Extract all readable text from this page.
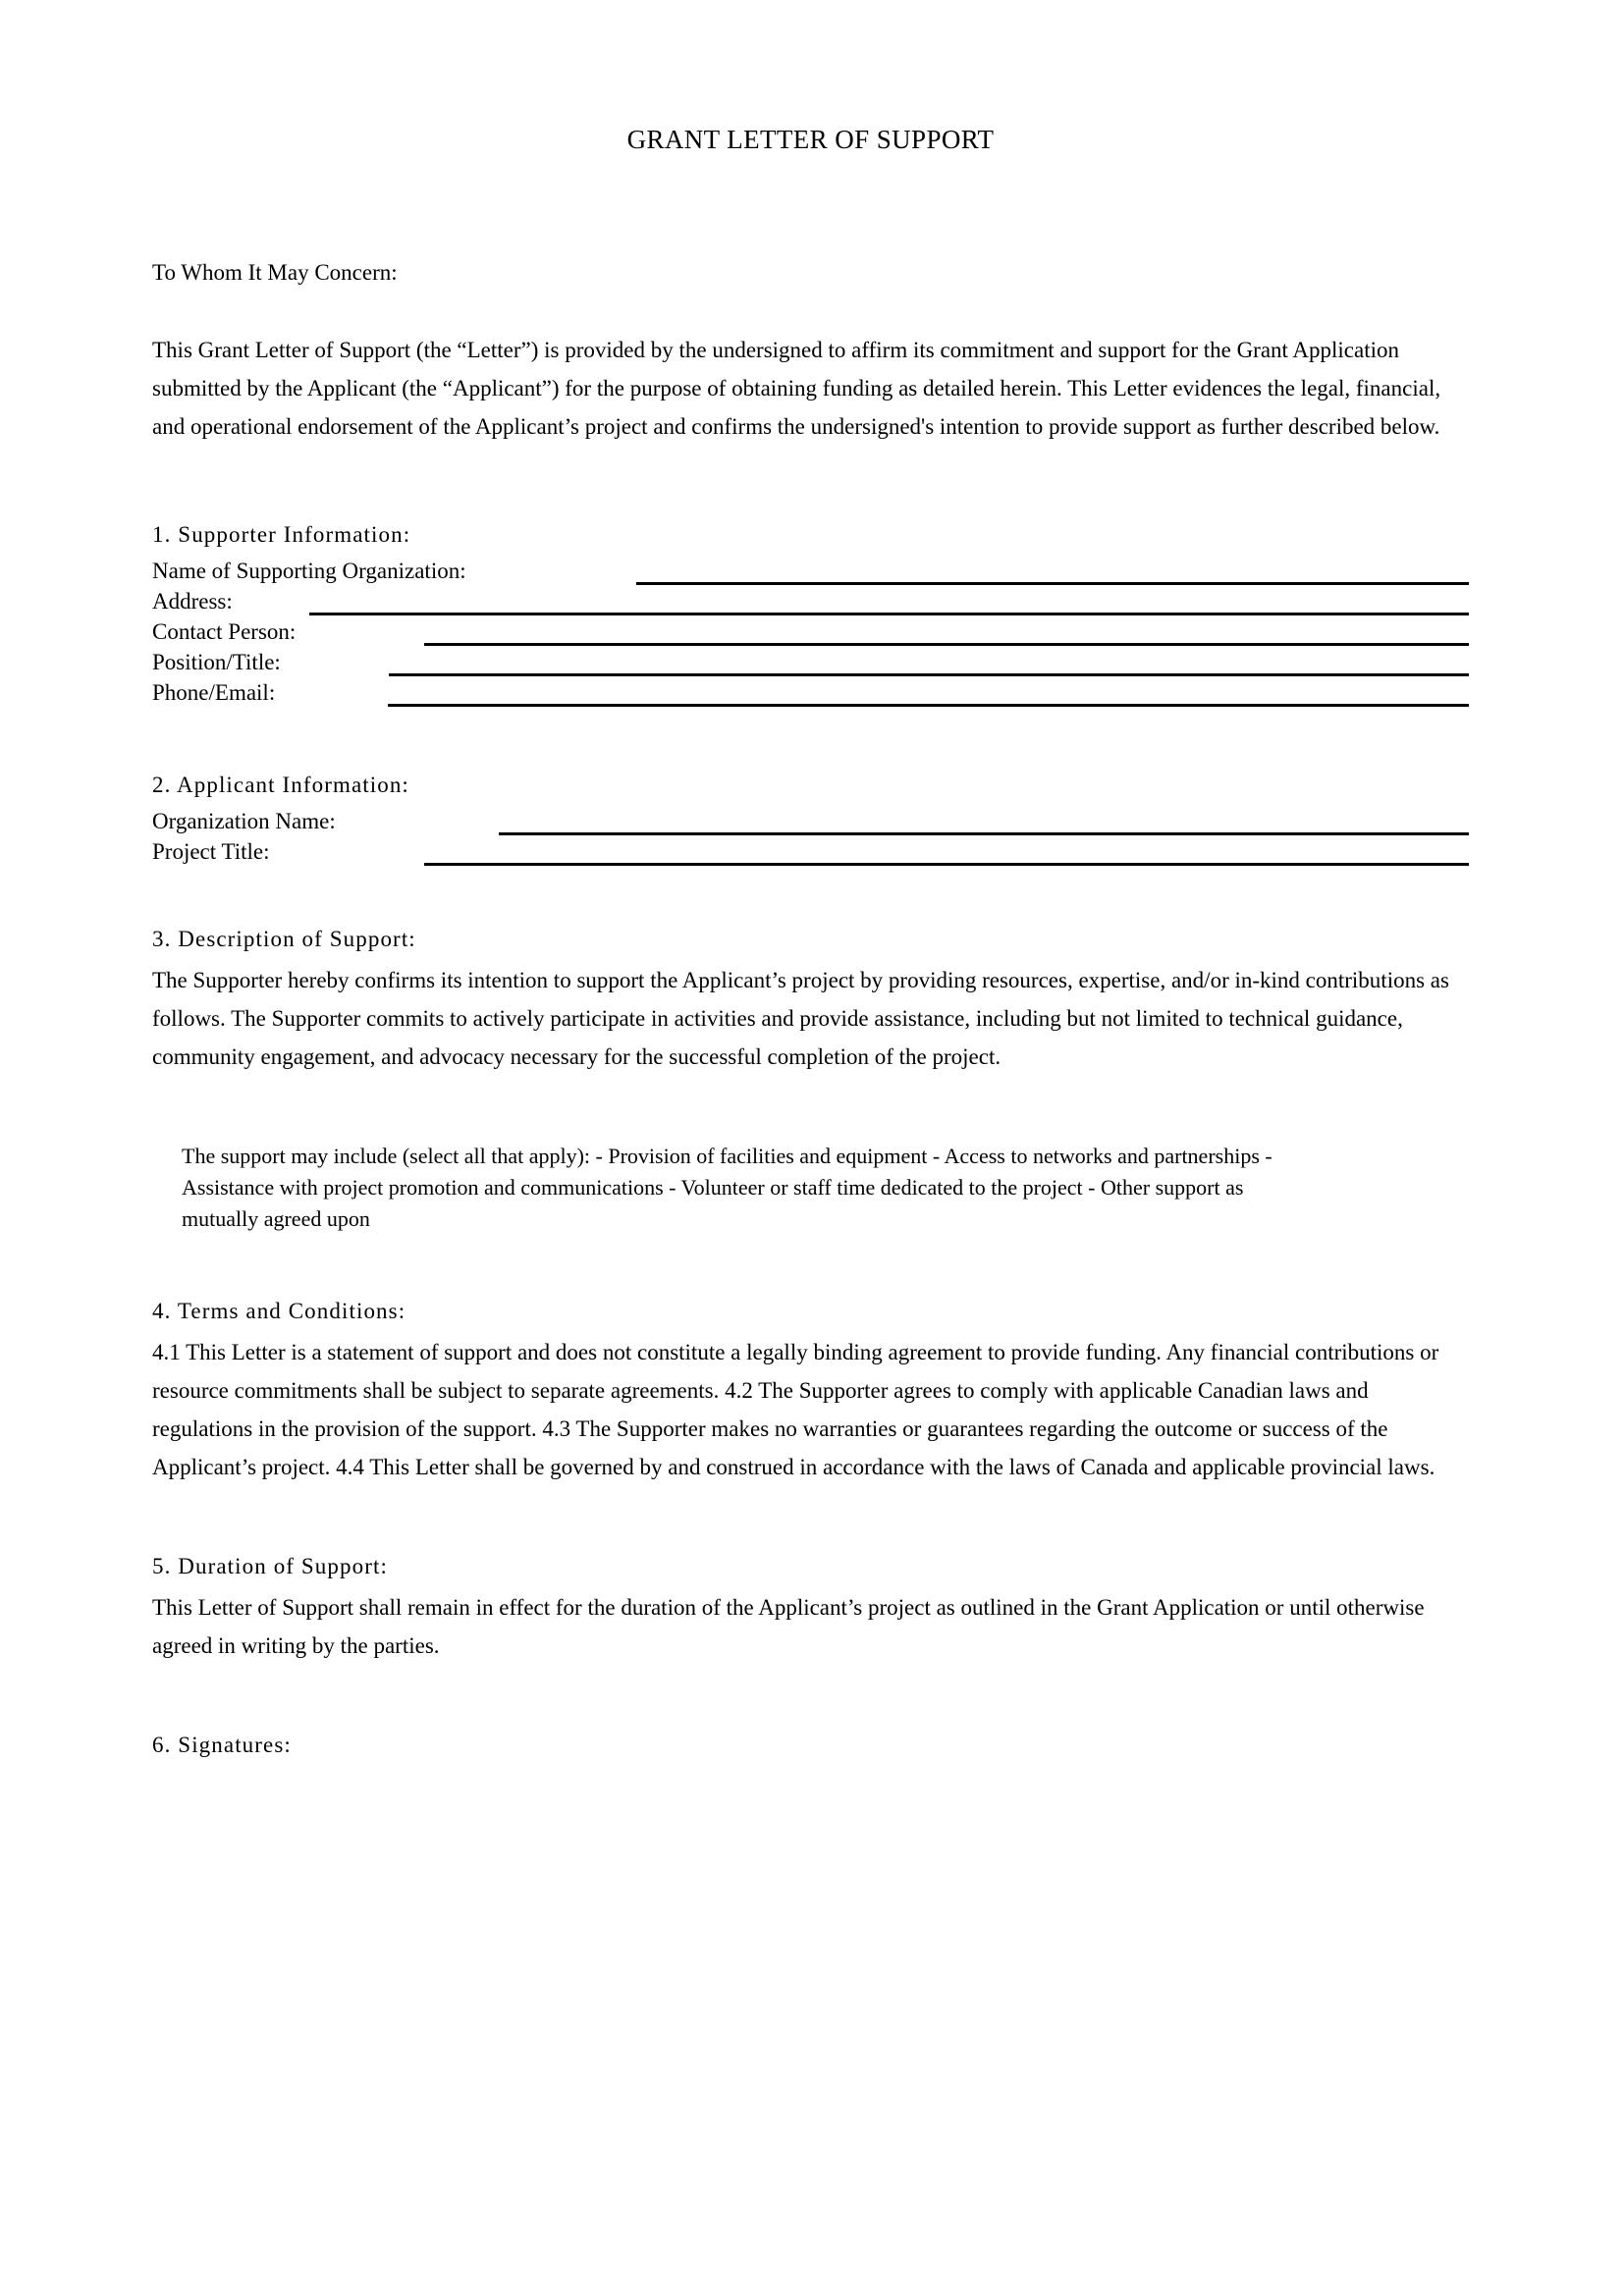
GRANT LETTER OF SUPPORT

To Whom It May Concern:

This Grant Letter of Support (the “Letter”) is provided by the undersigned to affirm its commitment and support for the Grant Application submitted by the Applicant (the “Applicant”) for the purpose of obtaining funding as detailed herein. This Letter evidences the legal, financial, and operational endorsement of the Applicant’s project and confirms the undersigned's intention to provide support as further described below.

1. Supporter Information:
Name of Supporting Organization:
Address:
Contact Person:
Position/Title:
Phone/Email:
2. Applicant Information:
Organization Name:
Project Title:
3. Description of Support:

The Supporter hereby confirms its intention to support the Applicant’s project by providing resources, expertise, and/or in-kind contributions as follows. The Supporter commits to actively participate in activities and provide assistance, including but not limited to technical guidance, community engagement, and advocacy necessary for the successful completion of the project.

The support may include (select all that apply): - Provision of facilities and equipment - Access to networks and partnerships - Assistance with project promotion and communications - Volunteer or staff time dedicated to the project - Other support as mutually agreed upon

4. Terms and Conditions:

4.1 This Letter is a statement of support and does not constitute a legally binding agreement to provide funding. Any financial contributions or resource commitments shall be subject to separate agreements. 4.2 The Supporter agrees to comply with applicable Canadian laws and regulations in the provision of the support. 4.3 The Supporter makes no warranties or guarantees regarding the outcome or success of the Applicant’s project. 4.4 This Letter shall be governed by and construed in accordance with the laws of Canada and applicable provincial laws.

5. Duration of Support:

This Letter of Support shall remain in effect for the duration of the Applicant’s project as outlined in the Grant Application or until otherwise agreed in writing by the parties.

6. Signatures:
